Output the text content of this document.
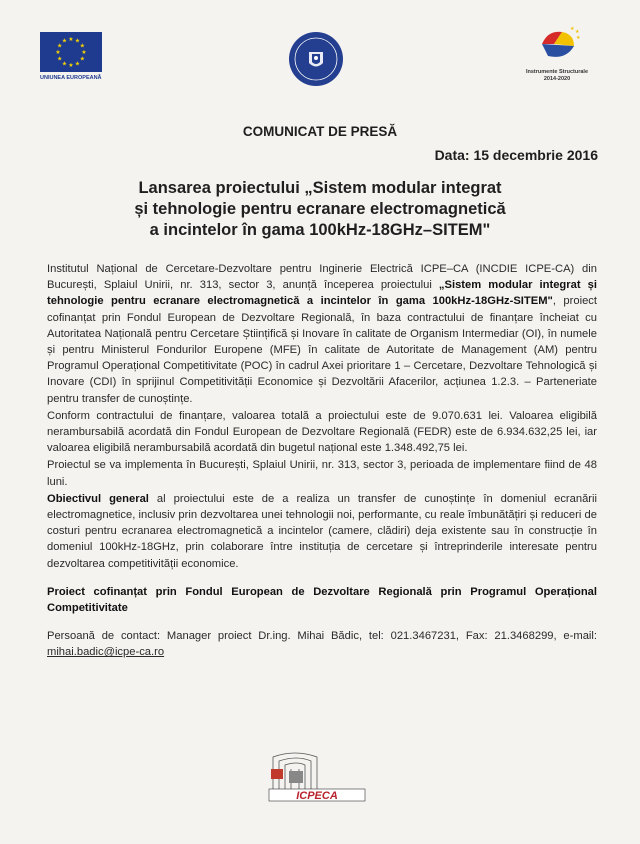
★ ★
★
★
★
★
★
★
★
★
★
★
UNIUNEA EUROPEANĂ
★ ★
★
Instrumente Structurale
2014-2020
COMUNICAT DE PRESĂ
Data: 15 decembrie 2016
Lansarea proiectului „Sistem modular integrat
și tehnologie pentru ecranare electromagnetică
a incintelor în gama 100kHz-18GHz–SITEM"

Institutul Național de Cercetare-Dezvoltare pentru Inginerie Electrică ICPE–CA (INCDIE ICPE-CA) din București, Splaiul Unirii, nr. 313, sector 3, anunță începerea proiectului „Sistem modular integrat și tehnologie pentru ecranare electromagnetică a incintelor în gama 100kHz-18GHz-SITEM", proiect cofinanțat prin Fondul European de Dezvoltare Regională, în baza contractului de finanțare încheiat cu Autoritatea Națională pentru Cercetare Științifică și Inovare în calitate de Organism Intermediar (OI), în numele și pentru Ministerul Fondurilor Europene (MFE) în calitate de Autoritate de Management (AM) pentru Programul Operațional Competitivitate (POC) în cadrul Axei prioritare 1 – Cercetare, Dezvoltare Tehnologică și Inovare (CDI) în sprijinul Competitivității Economice și Dezvoltării Afacerilor, acțiunea 1.2.3. – Parteneriate pentru transfer de cunoștințe.

Conform contractului de finanțare, valoarea totală a proiectului este de 9.070.631 lei. Valoarea eligibilă nerambursabilă acordată din Fondul European de Dezvoltare Regională (FEDR) este de 6.934.632,25 lei, iar valoarea eligibilă nerambursabilă acordată din bugetul național este 1.348.492,75 lei.

Proiectul se va implementa în București, Splaiul Unirii, nr. 313, sector 3, perioada de implementare fiind de 48 luni.

Obiectivul general al proiectului este de a realiza un transfer de cunoștințe în domeniul ecranării electromagnetice, inclusiv prin dezvoltarea unei tehnologii noi, performante, cu reale îmbunătățiri și reduceri de costuri pentru ecranarea electromagnetică a incintelor (camere, clădiri) deja existente sau în construcție în domeniul 100kHz-18GHz, prin colaborare între instituția de cercetare și întreprinderile interesate pentru dezvoltarea competitivității economice.

Proiect cofinanțat prin Fondul European de Dezvoltare Regională prin Programul Operațional Competitivitate

Persoană de contact: Manager proiect Dr.ing. Mihai Bădic, tel: 021.3467231, Fax: 21.3468299, e-mail: mihai.badic@icpe-ca.ro

ICPECA
